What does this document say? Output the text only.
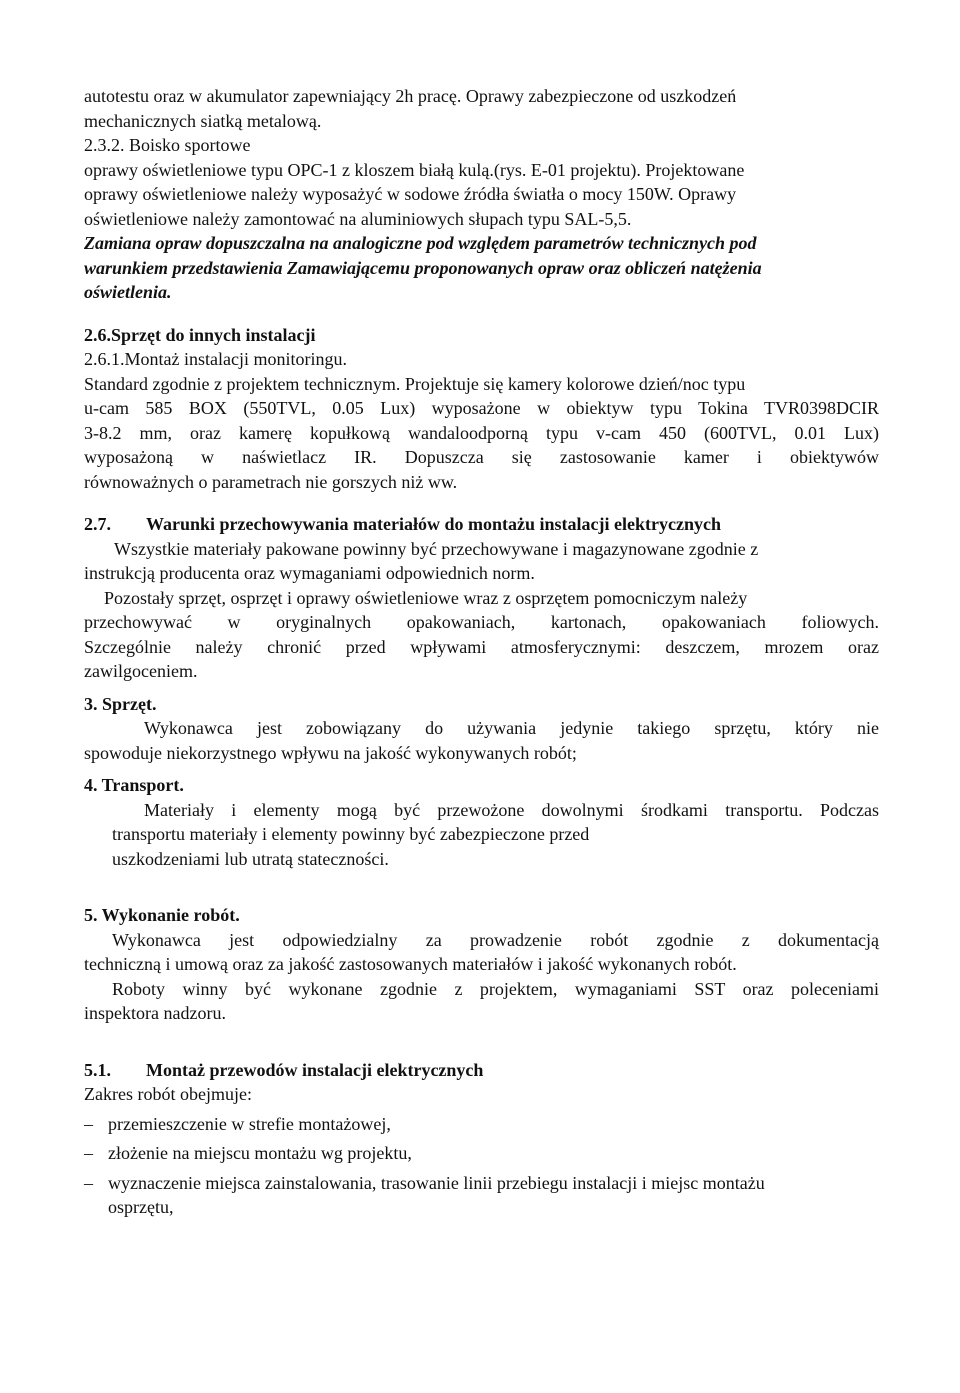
autotestu oraz w akumulator zapewniający 2h pracę. Oprawy zabezpieczone od uszkodzeń
mechanicznych siatką metalową.
2.3.2. Boisko sportowe
oprawy oświetleniowe typu OPC-1 z kloszem białą kulą.(rys. E-01 projektu). Projektowane
oprawy oświetleniowe należy wyposażyć w sodowe źródła światła o mocy 150W. Oprawy
oświetleniowe należy zamontować na aluminiowych słupach typu SAL-5,5.
Zamiana opraw dopuszczalna na analogiczne pod względem parametrów technicznych pod
warunkiem przedstawienia Zamawiającemu proponowanych opraw oraz obliczeń natężenia
oświetlenia.
2.6.Sprzęt do innych instalacji
2.6.1.Montaż instalacji monitoringu.
Standard zgodnie z projektem technicznym. Projektuje się kamery kolorowe dzień/noc typu
u-cam 585 BOX (550TVL, 0.05 Lux) wyposażone w obiektyw typu Tokina TVR0398DCIR
3-8.2 mm, oraz kamerę kopułkową wandaloodporną typu v-cam 450 (600TVL, 0.01 Lux)
wyposażoną w naświetlacz IR. Dopuszcza się zastosowanie kamer i obiektywów
równoważnych o parametrach nie gorszych niż ww.
2.7. Warunki przechowywania materiałów do montażu instalacji elektrycznych
Wszystkie materiały pakowane powinny być przechowywane i magazynowane zgodnie z
instrukcją producenta oraz wymaganiami odpowiednich norm.
Pozostały sprzęt, osprzęt i oprawy oświetleniowe wraz z osprzętem pomocniczym należy
przechowywać w oryginalnych opakowaniach, kartonach, opakowaniach foliowych.
Szczególnie należy chronić przed wpływami atmosferycznymi: deszczem, mrozem oraz
zawilgoceniem.
3. Sprzęt.
Wykonawca jest zobowiązany do używania jedynie takiego sprzętu, który nie
spowoduje niekorzystnego wpływu na jakość wykonywanych robót;
4. Transport.
Materiały i elementy mogą być przewożone dowolnymi środkami transportu. Podczas
transportu materiały i elementy powinny być zabezpieczone przed
uszkodzeniami lub utratą stateczności.
5. Wykonanie robót.
Wykonawca jest odpowiedzialny za prowadzenie robót zgodnie z dokumentacją
techniczną i umową oraz za jakość zastosowanych materiałów i jakość wykonanych robót.
Roboty winny być wykonane zgodnie z projektem, wymaganiami SST oraz poleceniami
inspektora nadzoru.
5.1. Montaż przewodów instalacji elektrycznych
Zakres robót obejmuje:
– przemieszczenie w strefie montażowej,
– złożenie na miejscu montażu wg projektu,
– wyznaczenie miejsca zainstalowania, trasowanie linii przebiegu instalacji i miejsc montażu
osprzętu,
